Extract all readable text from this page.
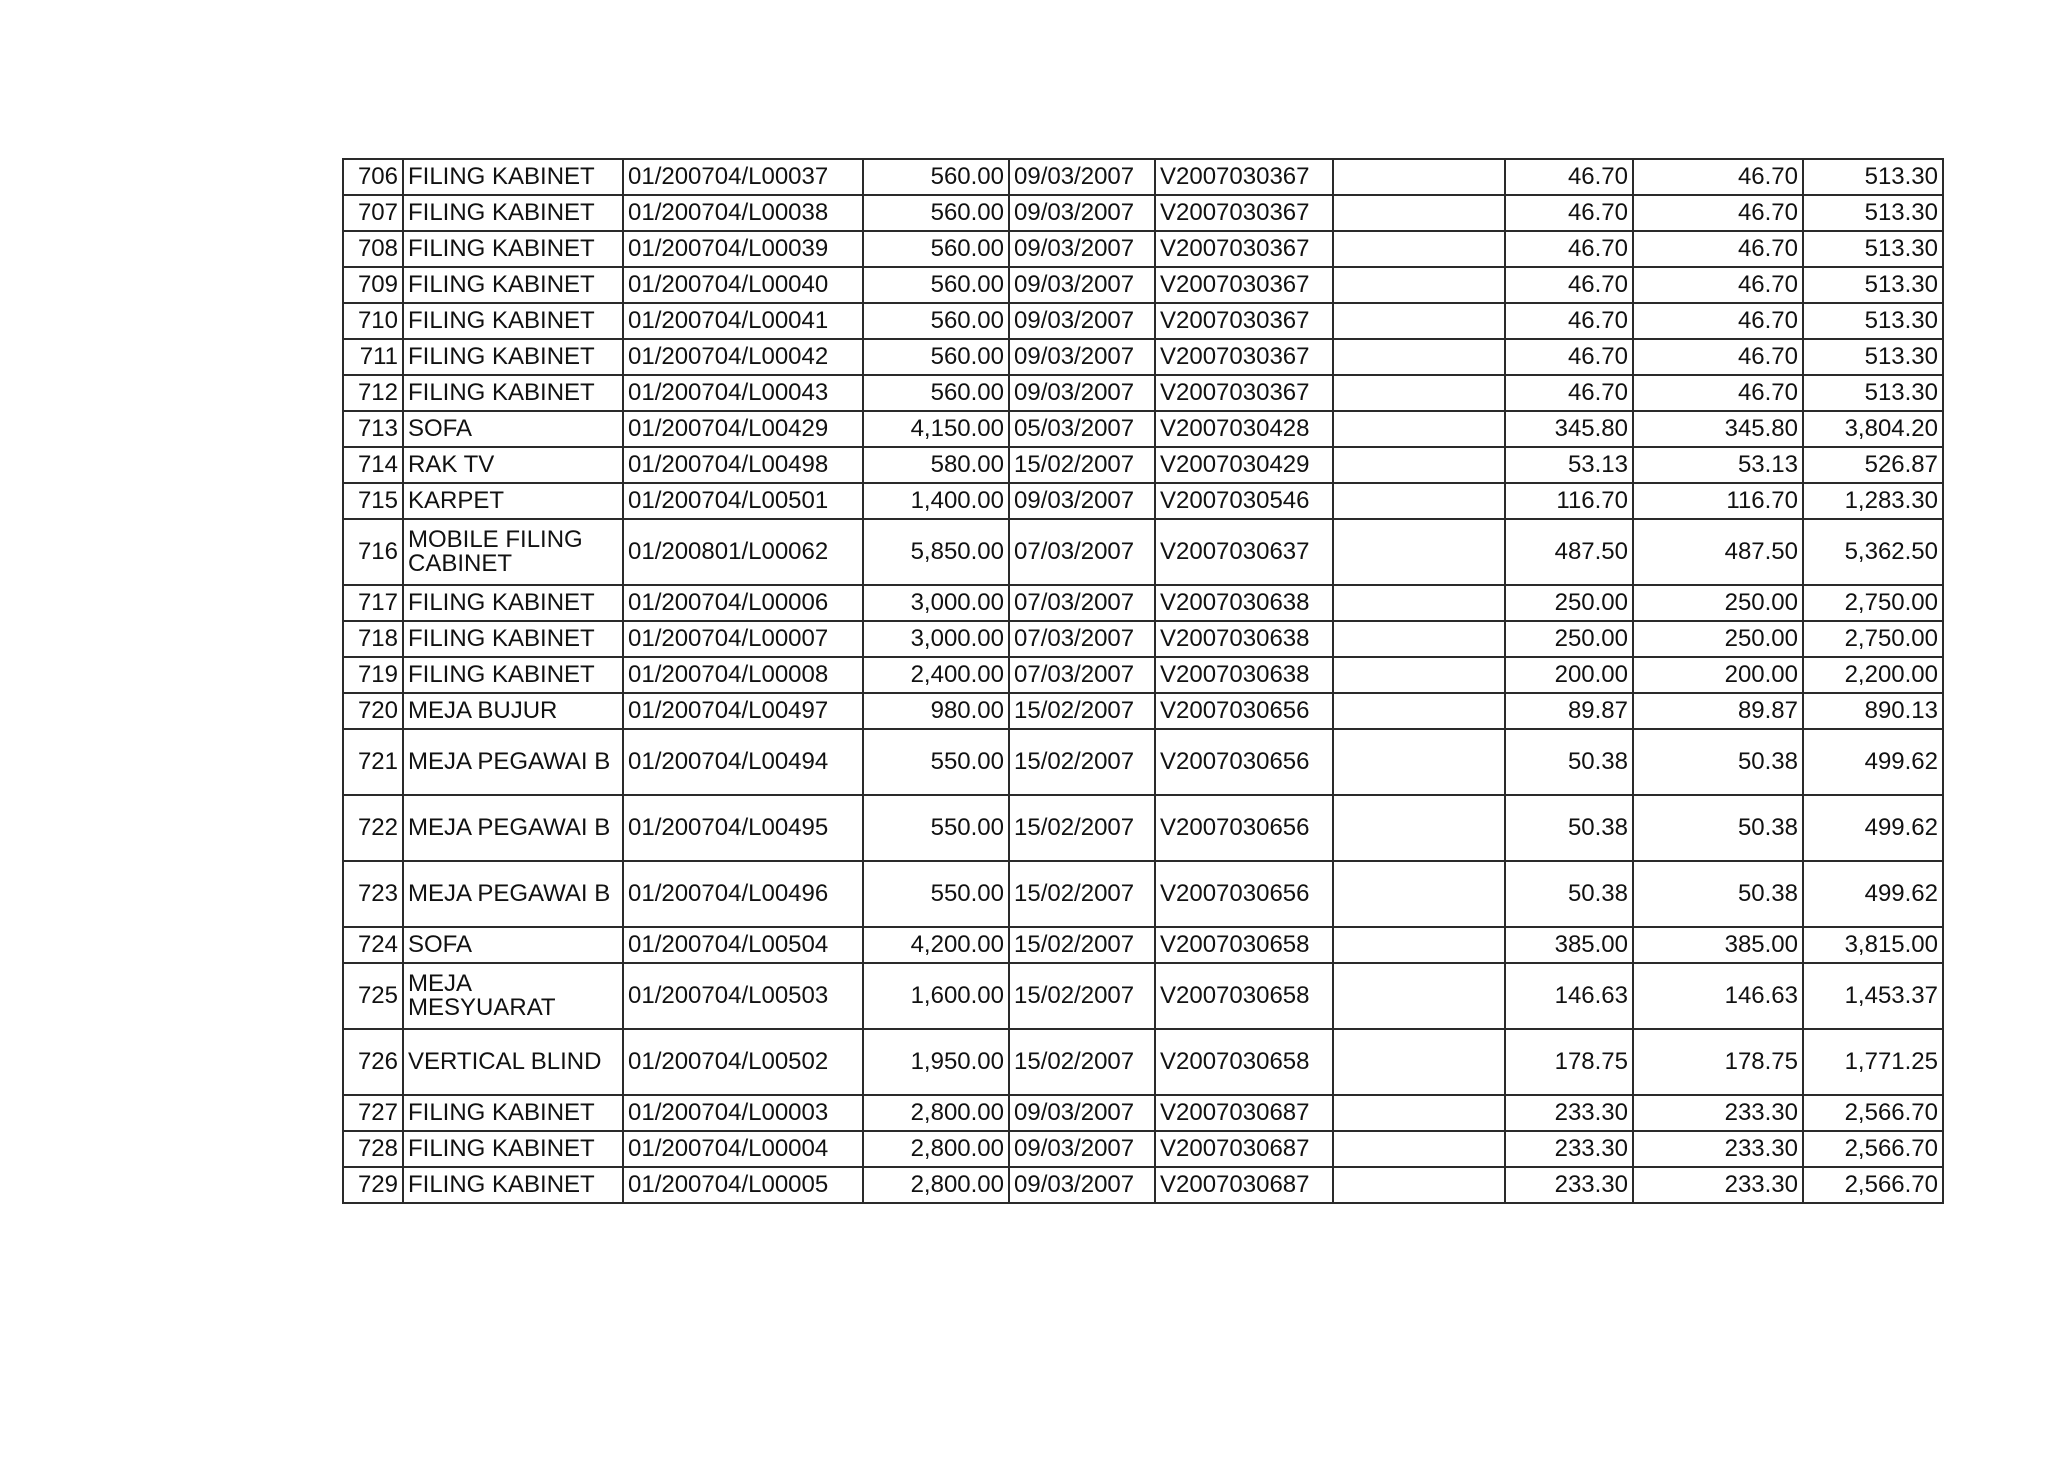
706	FILING KABINET	01/200704/L00037	560.00	09/03/2007	V2007030367		46.70	46.70	513.30
707	FILING KABINET	01/200704/L00038	560.00	09/03/2007	V2007030367		46.70	46.70	513.30
708	FILING KABINET	01/200704/L00039	560.00	09/03/2007	V2007030367		46.70	46.70	513.30
709	FILING KABINET	01/200704/L00040	560.00	09/03/2007	V2007030367		46.70	46.70	513.30
710	FILING KABINET	01/200704/L00041	560.00	09/03/2007	V2007030367		46.70	46.70	513.30
711	FILING KABINET	01/200704/L00042	560.00	09/03/2007	V2007030367		46.70	46.70	513.30
712	FILING KABINET	01/200704/L00043	560.00	09/03/2007	V2007030367		46.70	46.70	513.30
713	SOFA	01/200704/L00429	4,150.00	05/03/2007	V2007030428		345.80	345.80	3,804.20
714	RAK TV	01/200704/L00498	580.00	15/02/2007	V2007030429		53.13	53.13	526.87
715	KARPET	01/200704/L00501	1,400.00	09/03/2007	V2007030546		116.70	116.70	1,283.30
716	MOBILE FILING CABINET	01/200801/L00062	5,850.00	07/03/2007	V2007030637		487.50	487.50	5,362.50
717	FILING KABINET	01/200704/L00006	3,000.00	07/03/2007	V2007030638		250.00	250.00	2,750.00
718	FILING KABINET	01/200704/L00007	3,000.00	07/03/2007	V2007030638		250.00	250.00	2,750.00
719	FILING KABINET	01/200704/L00008	2,400.00	07/03/2007	V2007030638		200.00	200.00	2,200.00
720	MEJA BUJUR	01/200704/L00497	980.00	15/02/2007	V2007030656		89.87	89.87	890.13
721	MEJA PEGAWAI B	01/200704/L00494	550.00	15/02/2007	V2007030656		50.38	50.38	499.62
722	MEJA PEGAWAI B	01/200704/L00495	550.00	15/02/2007	V2007030656		50.38	50.38	499.62
723	MEJA PEGAWAI B	01/200704/L00496	550.00	15/02/2007	V2007030656		50.38	50.38	499.62
724	SOFA	01/200704/L00504	4,200.00	15/02/2007	V2007030658		385.00	385.00	3,815.00
725	MEJA MESYUARAT	01/200704/L00503	1,600.00	15/02/2007	V2007030658		146.63	146.63	1,453.37
726	VERTICAL BLIND	01/200704/L00502	1,950.00	15/02/2007	V2007030658		178.75	178.75	1,771.25
727	FILING KABINET	01/200704/L00003	2,800.00	09/03/2007	V2007030687		233.30	233.30	2,566.70
728	FILING KABINET	01/200704/L00004	2,800.00	09/03/2007	V2007030687		233.30	233.30	2,566.70
729	FILING KABINET	01/200704/L00005	2,800.00	09/03/2007	V2007030687		233.30	233.30	2,566.70
